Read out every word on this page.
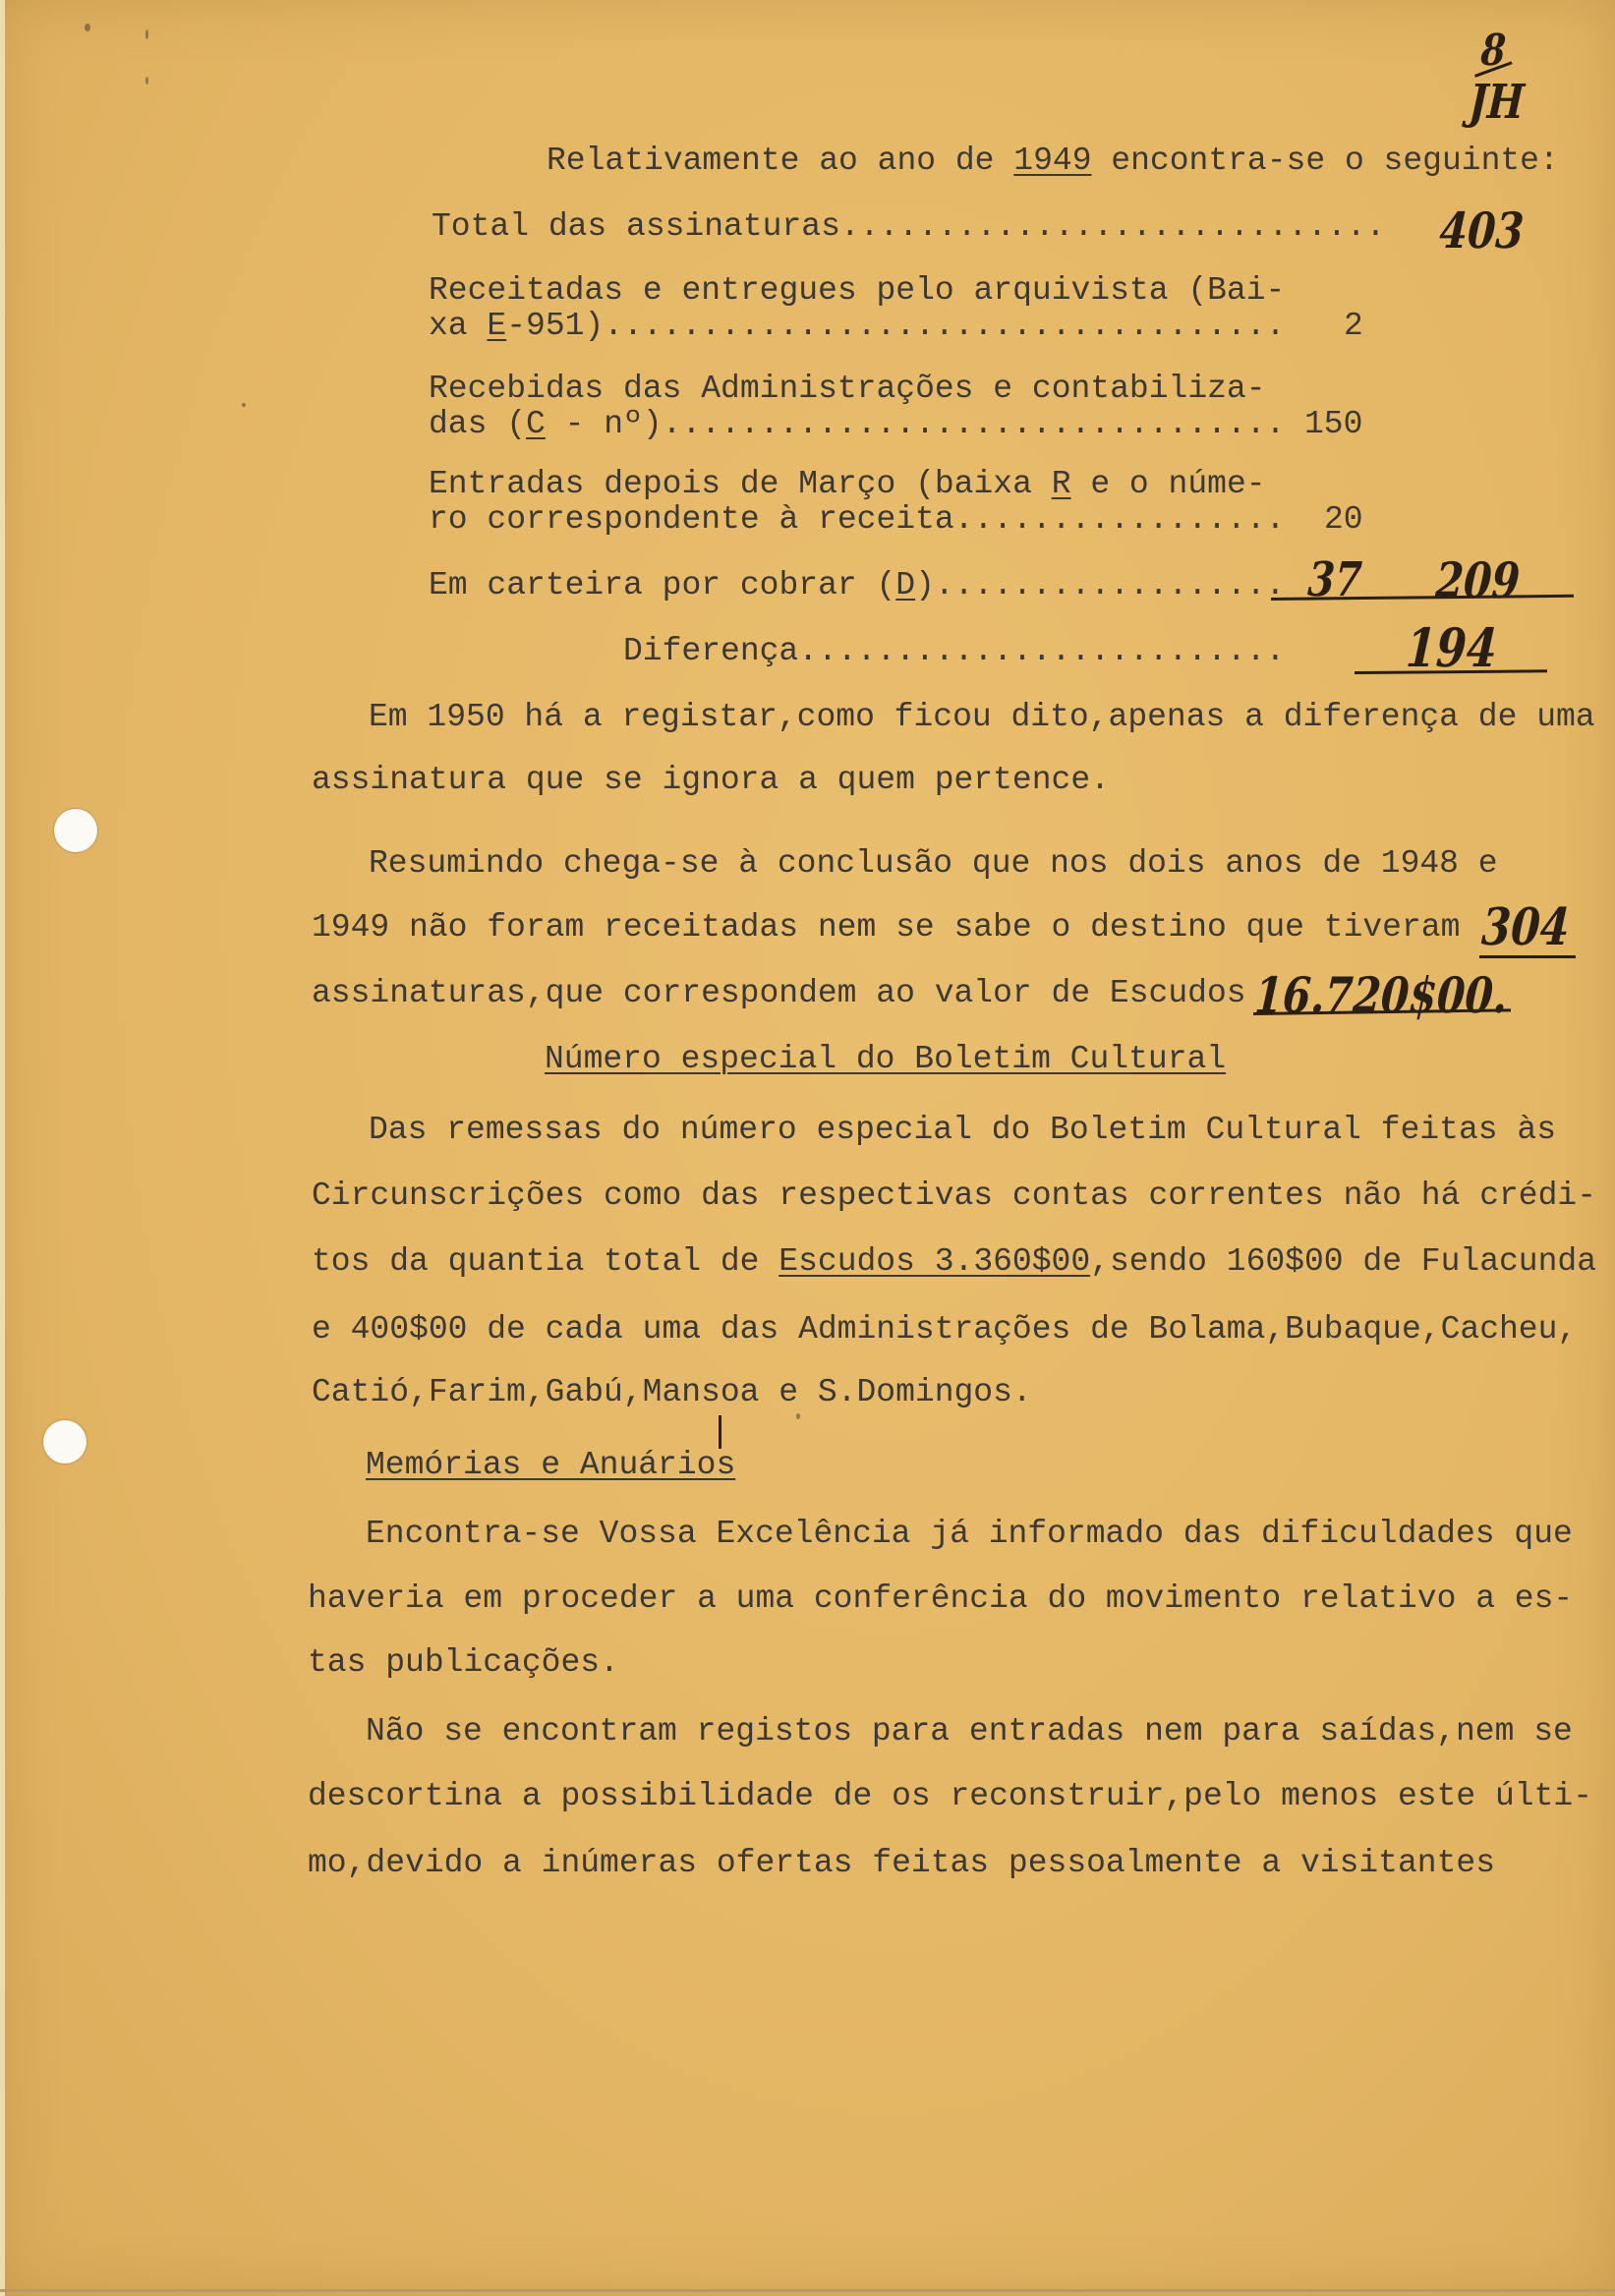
8
JH
Relativamente ao ano de 1949 encontra-se o seguinte:
Total das assinaturas............................ 403
Receitadas e entregues pelo arquivista (Bai-
xa E-951)................................... 2
Recebidas das Administrações e contabiliza-
das (C - nº)................................ 150
Entradas depois de Março (baixa R e o núme-
ro correspondente à receita................. 20
Em carteira por cobrar (D).................. 37 209
Diferença......................... 194
Em 1950 há a registar,como ficou dito,apenas a diferença de uma
assinatura que se ignora a quem pertence.
Resumindo chega-se à conclusão que nos dois anos de 1948 e
1949 não foram receitadas nem se sabe o destino que tiveram 304
assinaturas,que correspondem ao valor de Escudos 16.720$00.
Número especial do Boletim Cultural
Das remessas do número especial do Boletim Cultural feitas às
Circunscrições como das respectivas contas correntes não há crédi-
tos da quantia total de Escudos 3.360$00,sendo 160$00 de Fulacunda
e 400$00 de cada uma das Administrações de Bolama,Bubaque,Cacheu,
Catió,Farim,Gabú,Mansoa e S.Domingos.
Memórias e Anuários
Encontra-se Vossa Excelência já informado das dificuldades que
haveria em proceder a uma conferência do movimento relativo a es-
tas publicações.
Não se encontram registos para entradas nem para saídas,nem se
descortina a possibilidade de os reconstruir,pelo menos este últi-
mo,devido a inúmeras ofertas feitas pessoalmente a visitantes
